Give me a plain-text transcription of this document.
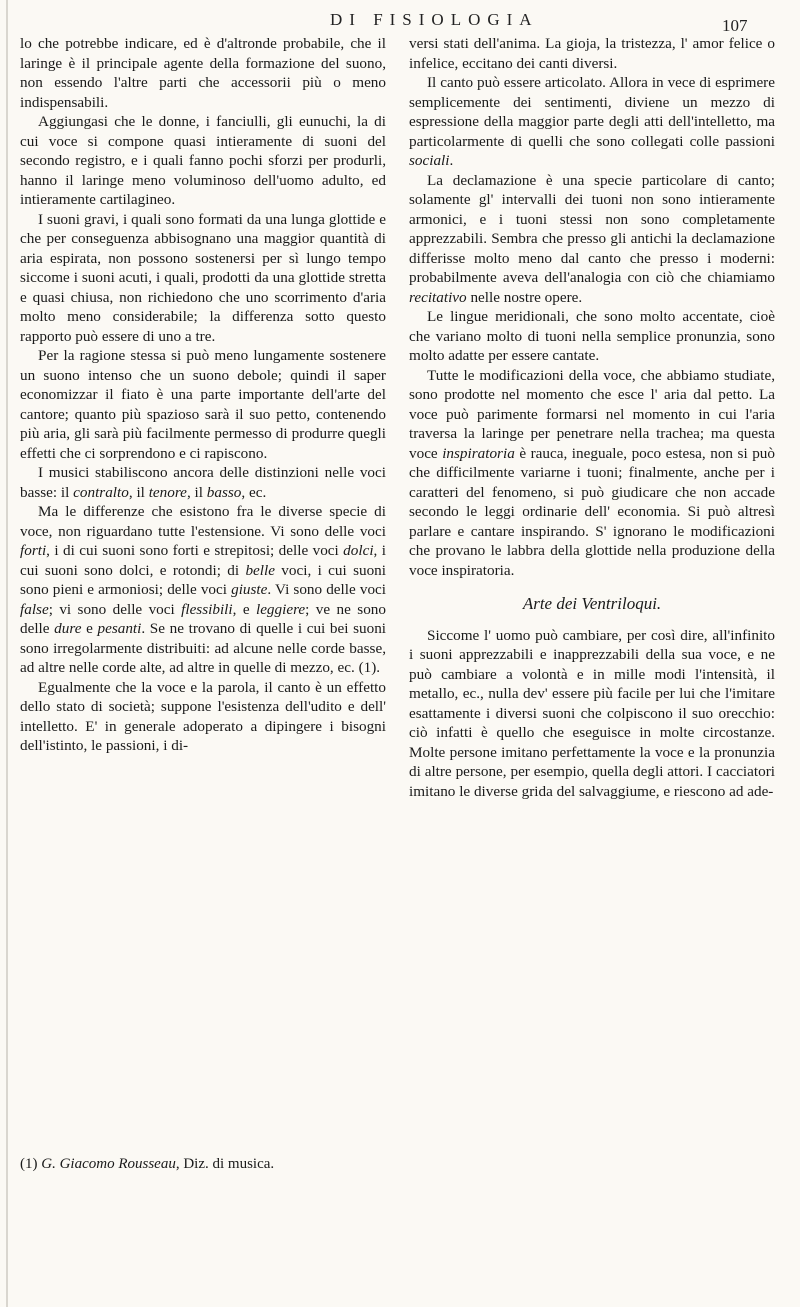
DI FISIOLOGIA	107

lo che potrebbe indicare, ed è d'altronde probabile, che il laringe è il principale agente della formazione del suono, non essendo l'altre parti che accessorii più o meno indispensabili.

Aggiungasi che le donne, i fanciulli, gli eunuchi, la di cui voce si compone quasi intieramente di suoni del secondo registro, e i quali fanno pochi sforzi per produrli, hanno il laringe meno voluminoso dell'uomo adulto, ed intieramente cartilagineo.

I suoni gravi, i quali sono formati da una lunga glottide e che per conseguenza abbisognano una maggior quantità di aria espirata, non possono sostenersi per sì lungo tempo siccome i suoni acuti, i quali, prodotti da una glottide stretta e quasi chiusa, non richiedono che uno scorrimento d'aria molto meno considerabile; la differenza sotto questo rapporto può essere di uno a tre.

Per la ragione stessa si può meno lungamente sostenere un suono intenso che un suono debole; quindi il saper economizzar il fiato è una parte importante dell'arte del cantore; quanto più spazioso sarà il suo petto, contenendo più aria, gli sarà più facilmente permesso di produrre quegli effetti che ci sorprendono e ci rapiscono.

I musici stabiliscono ancora delle distinzioni nelle voci basse: il contralto, il tenore, il basso, ec.

Ma le differenze che esistono fra le diverse specie di voce, non riguardano tutte l'estensione. Vi sono delle voci forti, i di cui suoni sono forti e strepitosi; delle voci dolci, i cui suoni sono dolci, e rotondi; di belle voci, i cui suoni sono pieni e armoniosi; delle voci giuste. Vi sono delle voci false; vi sono delle voci flessibili, e leggiere; ve ne sono delle dure e pesanti. Se ne trovano di quelle i cui bei suoni sono irregolarmente distribuiti: ad alcune nelle corde basse, ad altre nelle corde alte, ad altre in quelle di mezzo, ec. (1).

Egualmente che la voce e la parola, il canto è un effetto dello stato di società; suppone l'esistenza dell'udito e dell' intelletto. E' in generale adoperato a dipingere i bisogni dell'istinto, le passioni, i di-

versi stati dell'anima. La gioja, la tristezza, l' amor felice o infelice, eccitano dei canti diversi.

Il canto può essere articolato. Allora in vece di esprimere semplicemente dei sentimenti, diviene un mezzo di espressione della maggior parte degli atti dell'intelletto, ma particolarmente di quelli che sono collegati colle passioni sociali.

La declamazione è una specie particolare di canto; solamente gl' intervalli dei tuoni non sono intieramente armonici, e i tuoni stessi non sono completamente apprezzabili. Sembra che presso gli antichi la declamazione differisse molto meno dal canto che presso i moderni: probabilmente aveva dell'analogia con ciò che chiamiamo recitativo nelle nostre opere.

Le lingue meridionali, che sono molto accentate, cioè che variano molto di tuoni nella semplice pronunzia, sono molto adatte per essere cantate.

Tutte le modificazioni della voce, che abbiamo studiate, sono prodotte nel momento che esce l' aria dal petto. La voce può parimente formarsi nel momento in cui l'aria traversa la laringe per penetrare nella trachea; ma questa voce inspiratoria è rauca, ineguale, poco estesa, non si può che difficilmente variarne i tuoni; finalmente, anche per i caratteri del fenomeno, si può giudicare che non accade secondo le leggi ordinarie dell' economia. Si può altresì parlare e cantare inspirando. S' ignorano le modificazioni che provano le labbra della glottide nella produzione della voce inspiratoria.

Arte dei Ventriloqui.

Siccome l' uomo può cambiare, per così dire, all'infinito i suoni apprezzabili e inapprezzabili della sua voce, e ne può cambiare a volontà e in mille modi l'intensità, il metallo, ec., nulla dev' essere più facile per lui che l'imitare esattamente i diversi suoni che colpiscono il suo orecchio: ciò infatti è quello che eseguisce in molte circostanze. Molte persone imitano perfettamente la voce e la pronunzia di altre persone, per esempio, quella degli attori. I cacciatori imitano le diverse grida del salvaggiume, e riescono ad ade-

(1) G. Giacomo Rousseau, Diz. di musica.
